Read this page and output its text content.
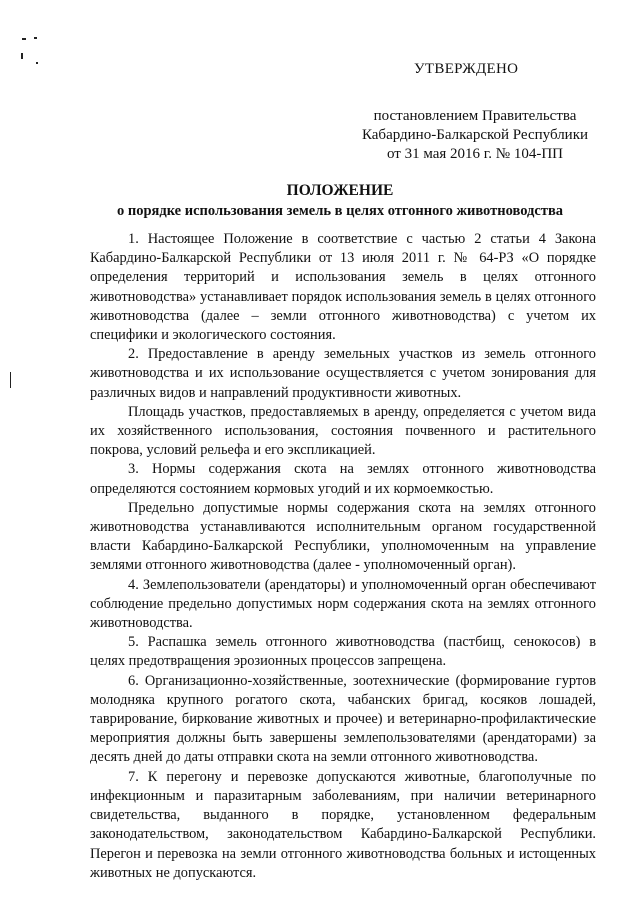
УТВЕРЖДЕНО
постановлением Правительства
Кабардино-Балкарской Республики
от 31 мая 2016 г. № 104-ПП
ПОЛОЖЕНИЕ
о порядке использования земель в целях отгонного животноводства

1. Настоящее Положение в соответствие с частью 2 статьи 4 Закона Кабардино-Балкарской Республики от 13 июля 2011 г. № 64-РЗ «О порядке определения территорий и использования земель в целях отгонного животноводства» устанавливает порядок использования земель в целях отгонного животноводства (далее – земли отгонного животноводства) с учетом их специфики и экологического состояния.

2. Предоставление в аренду земельных участков из земель отгонного животноводства и их использование осуществляется с учетом зонирования для различных видов и направлений продуктивности животных.

Площадь участков, предоставляемых в аренду, определяется с учетом вида их хозяйственного использования, состояния почвенного и растительного покрова, условий рельефа и его экспликацией.

3. Нормы содержания скота на землях отгонного животноводства определяются состоянием кормовых угодий и их кормоемкостью.

Предельно допустимые нормы содержания скота на землях отгонного животноводства устанавливаются исполнительным органом государственной власти Кабардино-Балкарской Республики, уполномоченным на управление землями отгонного животноводства (далее - уполномоченный орган).

4. Землепользователи (арендаторы) и уполномоченный орган обеспечивают соблюдение предельно допустимых норм содержания скота на землях отгонного животноводства.

5. Распашка земель отгонного животноводства (пастбищ, сенокосов) в целях предотвращения эрозионных процессов запрещена.

6. Организационно-хозяйственные, зоотехнические (формирование гуртов молодняка крупного рогатого скота, чабанских бригад, косяков лошадей, таврирование, биркование животных и прочее) и ветеринарно-профилактические мероприятия должны быть завершены землепользователями (арендаторами) за десять дней до даты отправки скота на земли отгонного животноводства.

7. К перегону и перевозке допускаются животные, благополучные по инфекционным и паразитарным заболеваниям, при наличии ветеринарного свидетельства, выданного в порядке, установленном федеральным законодательством, законодательством Кабардино-Балкарской Республики. Перегон и перевозка на земли отгонного животноводства больных и истощенных животных не допускаются.
